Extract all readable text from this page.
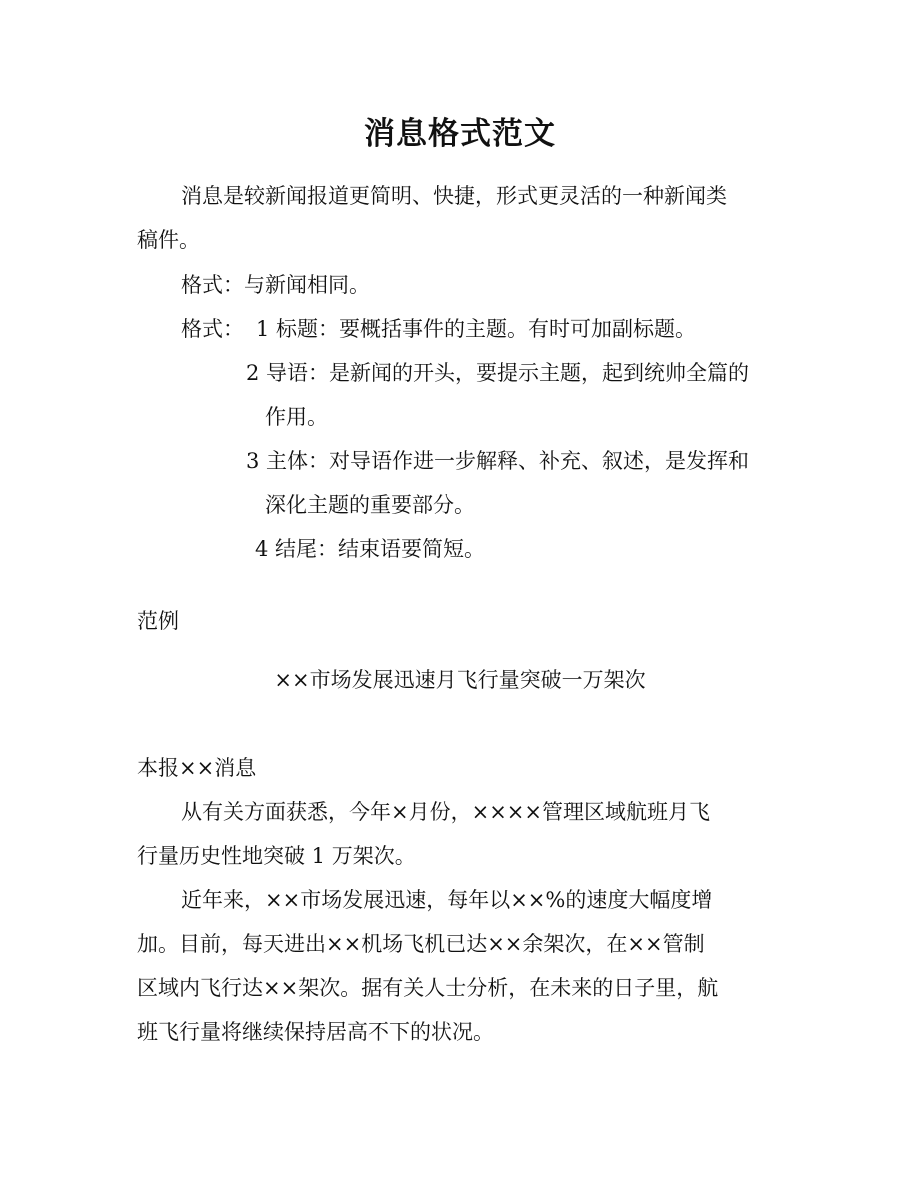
消息格式范文
消息是较新闻报道更简明、快捷，形式更灵活的一种新闻类
稿件。
格式：与新闻相同。
格式： 1 标题：要概括事件的主题。有时可加副标题。
2 导语：是新闻的开头，要提示主题，起到统帅全篇的
作用。
3 主体：对导语作进一步解释、补充、叙述，是发挥和
深化主题的重要部分。
4 结尾：结束语要简短。
范例
××市场发展迅速月飞行量突破一万架次
本报××消息
从有关方面获悉，今年×月份，××××管理区域航班月飞
行量历史性地突破 1 万架次。
近年来，××市场发展迅速，每年以××%的速度大幅度增
加。目前，每天进出××机场飞机已达××余架次，在××管制
区域内飞行达××架次。据有关人士分析，在未来的日子里，航
班飞行量将继续保持居高不下的状况。
